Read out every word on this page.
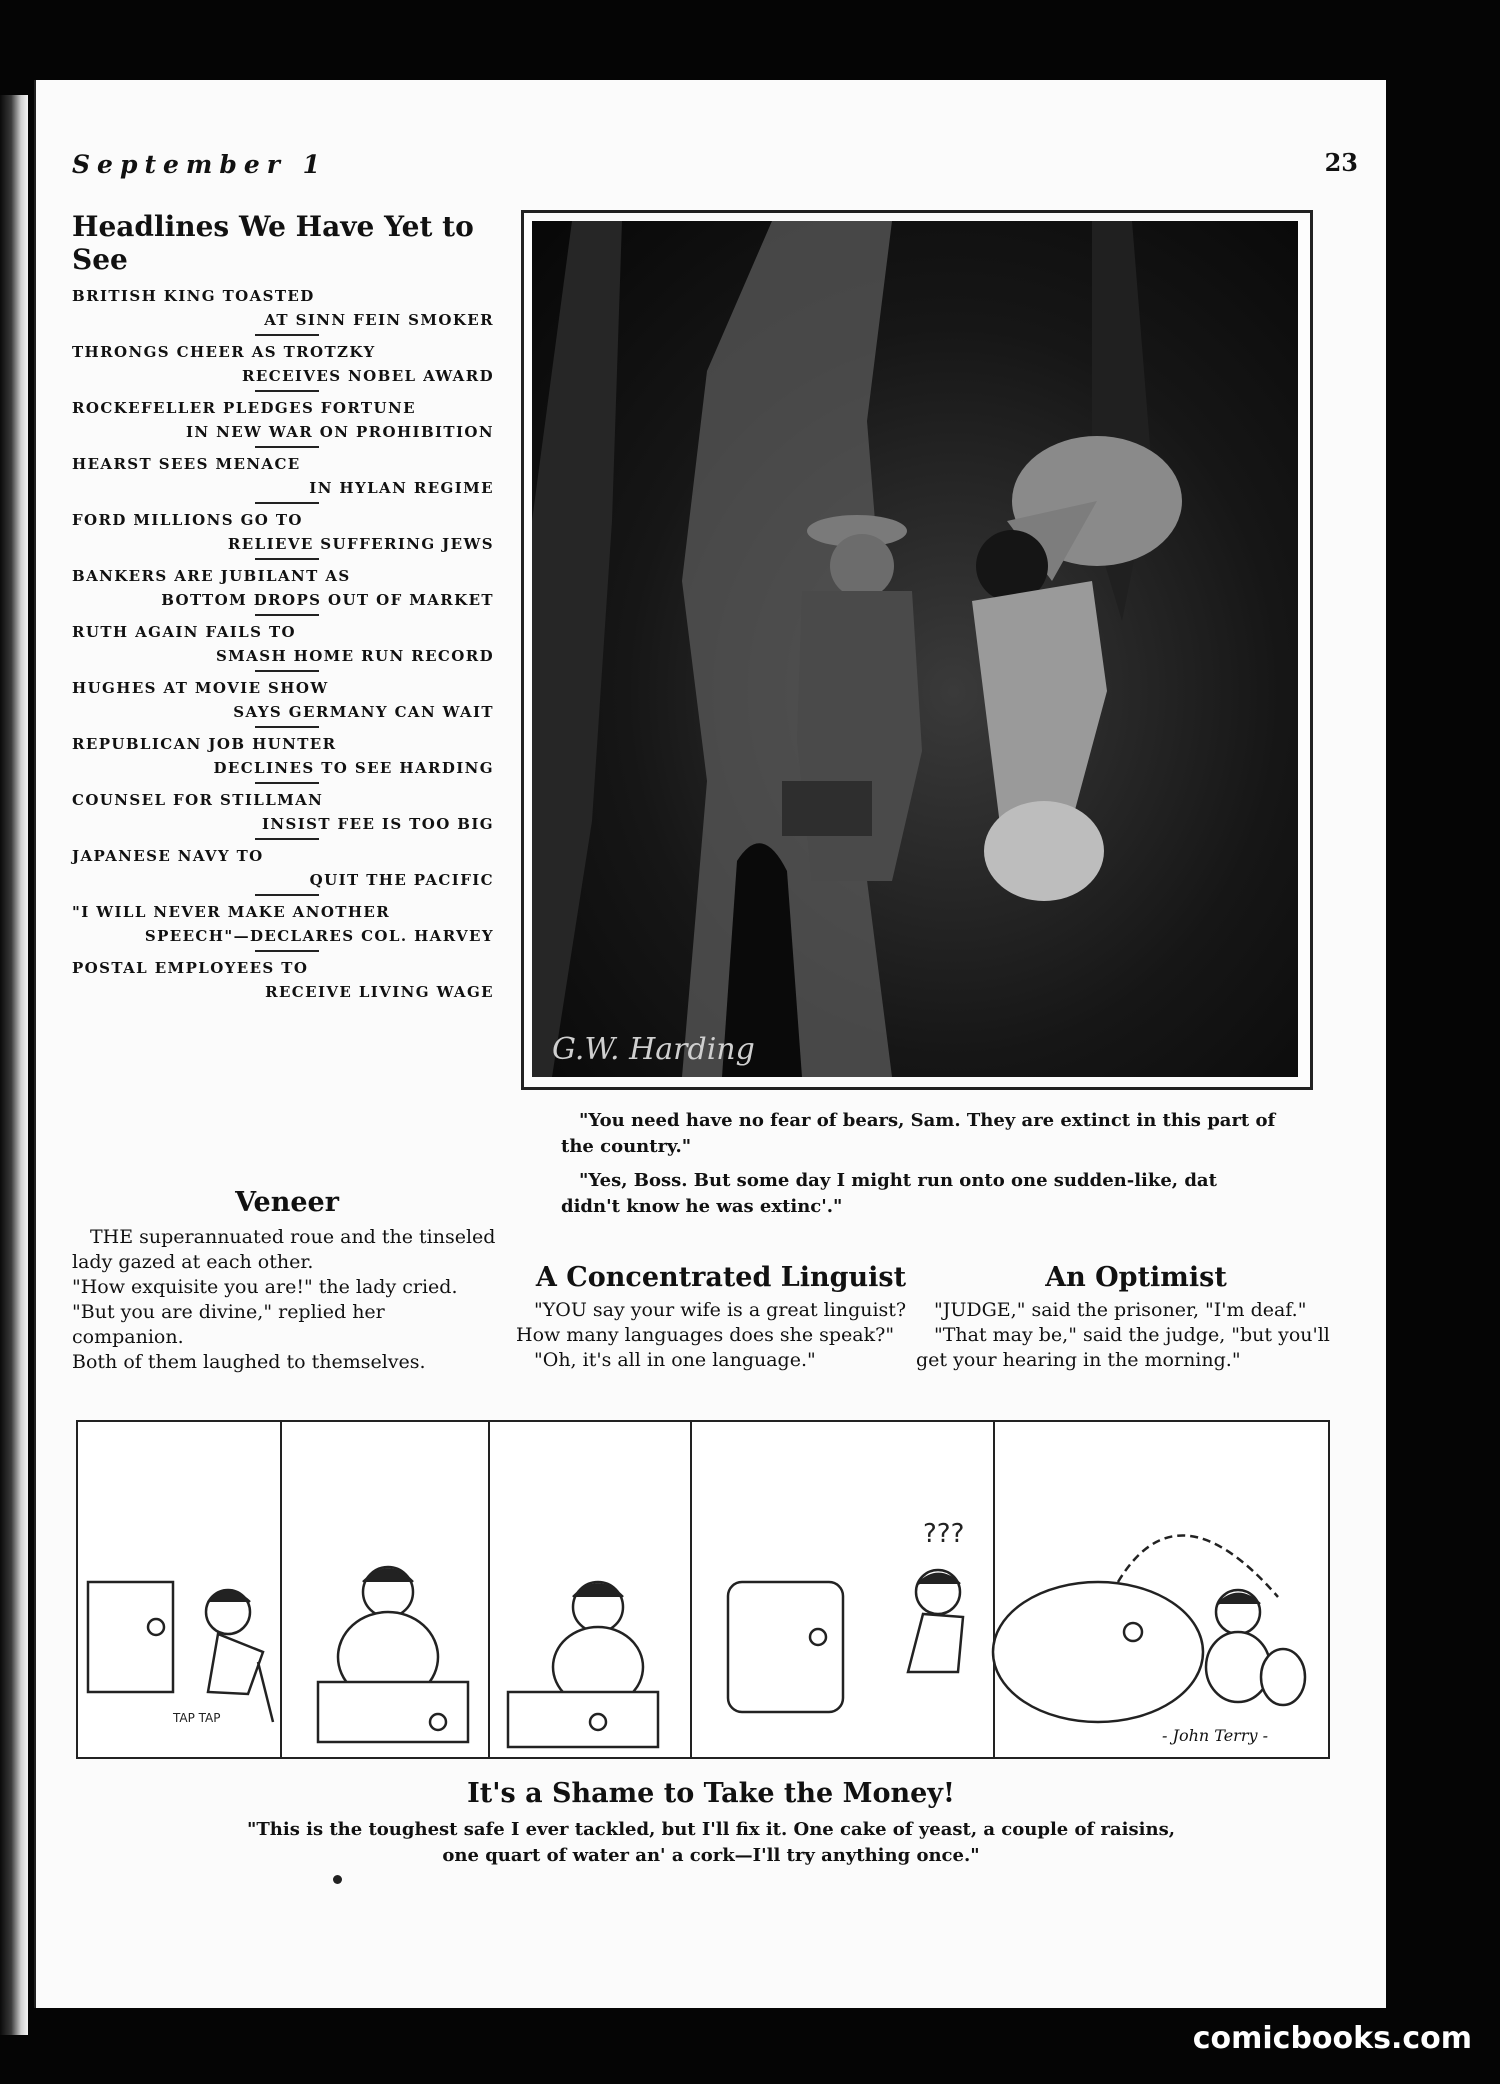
September 1	23
Headlines We Have Yet to See
BRITISH KING TOASTED
AT SINN FEIN SMOKER
THRONGS CHEER AS TROTZKY
RECEIVES NOBEL AWARD
ROCKEFELLER PLEDGES FORTUNE
IN NEW WAR ON PROHIBITION
HEARST SEES MENACE
IN HYLAN REGIME
FORD MILLIONS GO TO
RELIEVE SUFFERING JEWS
BANKERS ARE JUBILANT AS
BOTTOM DROPS OUT OF MARKET
RUTH AGAIN FAILS TO
SMASH HOME RUN RECORD
HUGHES AT MOVIE SHOW
SAYS GERMANY CAN WAIT
REPUBLICAN JOB HUNTER
DECLINES TO SEE HARDING
COUNSEL FOR STILLMAN
INSIST FEE IS TOO BIG
JAPANESE NAVY TO
QUIT THE PACIFIC
"I WILL NEVER MAKE ANOTHER
SPEECH"—DECLARES COL. HARVEY
POSTAL EMPLOYEES TO
RECEIVE LIVING WAGE
Veneer

THE superannuated roue and the tinseled lady gazed at each other.

"How exquisite you are!" the lady cried.

"But you are divine," replied her companion.

Both of them laughed to themselves.

G.W. Harding

"You need have no fear of bears, Sam. They are extinct in this part of the country."

"Yes, Boss. But some day I might run onto one sudden-like, dat didn't know he was extinc'."

A Concentrated Linguist

"YOU say your wife is a great linguist? How many languages does she speak?"

"Oh, it's all in one language."

An Optimist

"JUDGE," said the prisoner, "I'm deaf."

"That may be," said the judge, "but you'll get your hearing in the morning."

TAP TAP
???
- John Terry -
It's a Shame to Take the Money!
"This is the toughest safe I ever tackled, but I'll fix it. One cake of yeast, a couple of raisins,
one quart of water an' a cork—I'll try anything once."
comicbooks.com
